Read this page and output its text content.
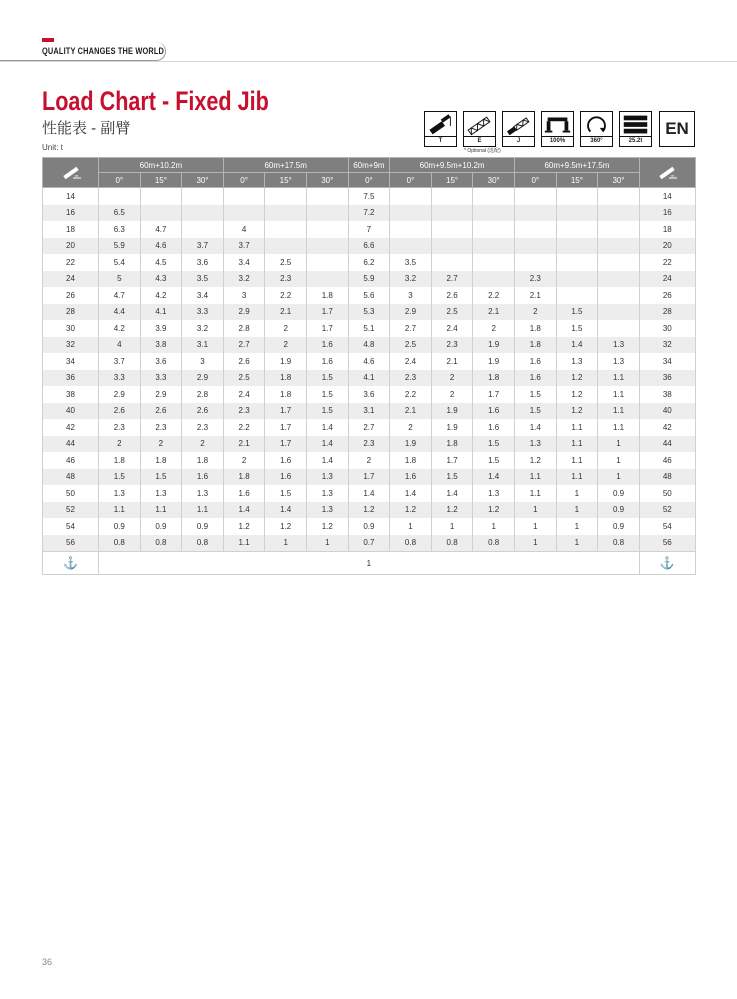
QUALITY CHANGES THE WORLD
Load Chart - Fixed Jib
性能表 - 副臂
Unit: t
T	E	J	100%	360°	25.2t
* Optional (选配)
EN
m	60m+10.2m			60m+17.5m			60m+9m	60m+9.5m+10.2m			60m+9.5m+17.5m			m

	0°	15°	30°	0°	15°	30°	0°	0°	15°	30°	0°	15°	30°	
14							7.5							14
16	6.5						7.2							16
18	6.3	4.7		4			7							18
20	5.9	4.6	3.7	3.7			6.6							20
22	5.4	4.5	3.6	3.4	2.5		6.2	3.5						22
24	5	4.3	3.5	3.2	2.3		5.9	3.2	2.7		2.3			24
26	4.7	4.2	3.4	3	2.2	1.8	5.6	3	2.6	2.2	2.1			26
28	4.4	4.1	3.3	2.9	2.1	1.7	5.3	2.9	2.5	2.1	2	1.5		28
30	4.2	3.9	3.2	2.8	2	1.7	5.1	2.7	2.4	2	1.8	1.5		30
32	4	3.8	3.1	2.7	2	1.6	4.8	2.5	2.3	1.9	1.8	1.4	1.3	32
34	3.7	3.6	3	2.6	1.9	1.6	4.6	2.4	2.1	1.9	1.6	1.3	1.3	34
36	3.3	3.3	2.9	2.5	1.8	1.5	4.1	2.3	2	1.8	1.6	1.2	1.1	36
38	2.9	2.9	2.8	2.4	1.8	1.5	3.6	2.2	2	1.7	1.5	1.2	1.1	38
40	2.6	2.6	2.6	2.3	1.7	1.5	3.1	2.1	1.9	1.6	1.5	1.2	1.1	40
42	2.3	2.3	2.3	2.2	1.7	1.4	2.7	2	1.9	1.6	1.4	1.1	1.1	42
44	2	2	2	2.1	1.7	1.4	2.3	1.9	1.8	1.5	1.3	1.1	1	44
46	1.8	1.8	1.8	2	1.6	1.4	2	1.8	1.7	1.5	1.2	1.1	1	46
48	1.5	1.5	1.6	1.8	1.6	1.3	1.7	1.6	1.5	1.4	1.1	1.1	1	48
50	1.3	1.3	1.3	1.6	1.5	1.3	1.4	1.4	1.4	1.3	1.1	1	0.9	50
52	1.1	1.1	1.1	1.4	1.4	1.3	1.2	1.2	1.2	1.2	1	1	0.9	52
54	0.9	0.9	0.9	1.2	1.2	1.2	0.9	1	1	1	1	1	0.9	54
56	0.8	0.8	0.8	1.1	1	1	0.7	0.8	0.8	0.8	1	1	0.8	56
⚓	1													⚓
36
